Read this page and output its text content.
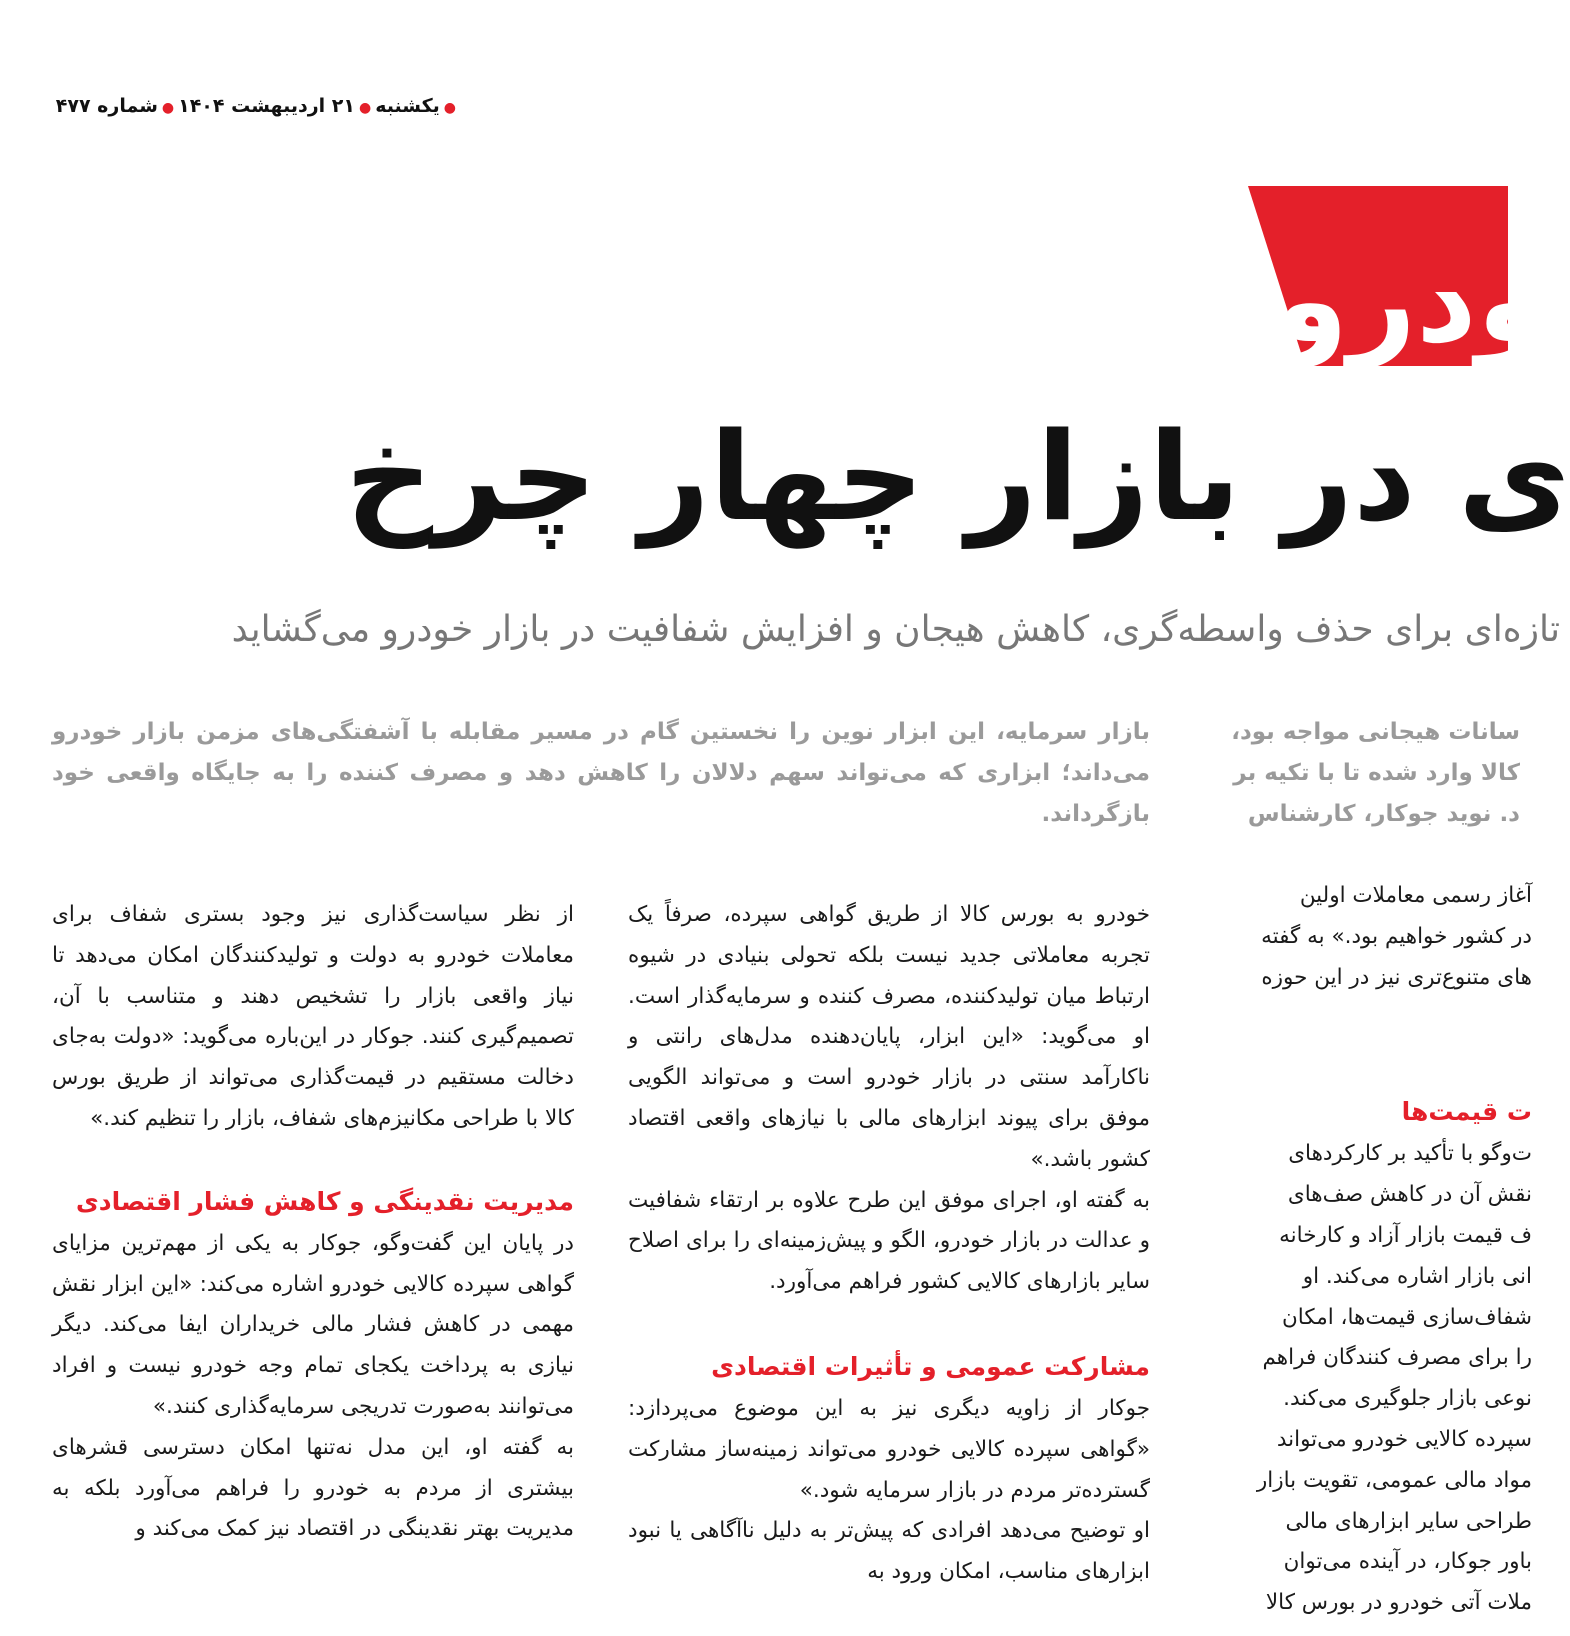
●یکشنبه●۲۱ اردیبهشت ۱۴۰۴●شماره ۴۷۷
ودرو
ی در بازار چهار چرخ
تازه‌ای برای حذف واسطه‌گری، کاهش هیجان و افزایش شفافیت در بازار خودرو می‌گشاید
بازار سرمایه، این ابزار نوین را نخستین گام در مسیر مقابله با آشفتگی‌های مزمن بازار خودرو می‌داند؛ ابزاری که می‌تواند سهم دلالان را کاهش دهد و مصرف کننده را به جایگاه واقعی خود بازگرداند.
سانات هیجانی مواجه بود،
کالا وارد شده تا با تکیه بر
د. نوید جوکار، کارشناس

از نظر سیاست‌گذاری نیز وجود بستری شفاف برای معاملات خودرو به دولت و تولیدکنندگان امکان می‌دهد تا نیاز واقعی بازار را تشخیص دهند و متناسب با آن، تصمیم‌گیری کنند. جوکار در این‌باره می‌گوید: «دولت به‌جای دخالت مستقیم در قیمت‌گذاری می‌تواند از طریق بورس کالا با طراحی مکانیزم‌های شفاف، بازار را تنظیم کند.»

مدیریت نقدینگی و کاهش فشار اقتصادی

در پایان این گفت‌وگو، جوکار به یکی از مهم‌ترین مزایای گواهی سپرده کالایی خودرو اشاره می‌کند: «این ابزار نقش مهمی در کاهش فشار مالی خریداران ایفا می‌کند. دیگر نیازی به پرداخت یکجای تمام وجه خودرو نیست و افراد می‌توانند به‌صورت تدریجی سرمایه‌گذاری کنند.»

به گفته او، این مدل نه‌تنها امکان دسترسی قشرهای بیشتری از مردم به خودرو را فراهم می‌آورد بلکه به مدیریت بهتر نقدینگی در اقتصاد نیز کمک می‌کند و

خودرو به بورس کالا از طریق گواهی سپرده، صرفاً یک تجربه معاملاتی جدید نیست بلکه تحولی بنیادی در شیوه ارتباط میان تولیدکننده، مصرف کننده و سرمایه‌گذار است. او می‌گوید: «این ابزار، پایان‌دهنده مدل‌های رانتی و ناکارآمد سنتی در بازار خودرو است و می‌تواند الگویی موفق برای پیوند ابزارهای مالی با نیازهای واقعی اقتصاد کشور باشد.»

به گفته او، اجرای موفق این طرح علاوه بر ارتقاء شفافیت و عدالت در بازار خودرو، الگو و پیش‌زمینه‌ای را برای اصلاح سایر بازارهای کالایی کشور فراهم می‌آورد.

مشارکت عمومی و تأثیرات اقتصادی

جوکار از زاویه دیگری نیز به این موضوع می‌پردازد: «گواهی سپرده کالایی خودرو می‌تواند زمینه‌ساز مشارکت گسترده‌تر مردم در بازار سرمایه شود.»

او توضیح می‌دهد افرادی که پیش‌تر به دلیل ناآگاهی یا نبود ابزارهای مناسب، امکان ورود به

آغاز رسمی معاملات اولین
در کشور خواهیم بود.» به گفته
های متنوع‌تری نیز در این حوزه
ت قیمت‌ها
ت‌وگو با تأکید بر کارکردهای
نقش آن در کاهش صف‌های
ف قیمت بازار آزاد و کارخانه
انی بازار اشاره می‌کند. او
شفاف‌سازی قیمت‌ها، امکان
را برای مصرف کنندگان فراهم
نوعی بازار جلوگیری می‌کند.
سپرده کالایی خودرو می‌تواند
مواد مالی عمومی، تقویت بازار
طراحی سایر ابزارهای مالی
باور جوکار، در آینده می‌توان
ملات آتی خودرو در بورس کالا
